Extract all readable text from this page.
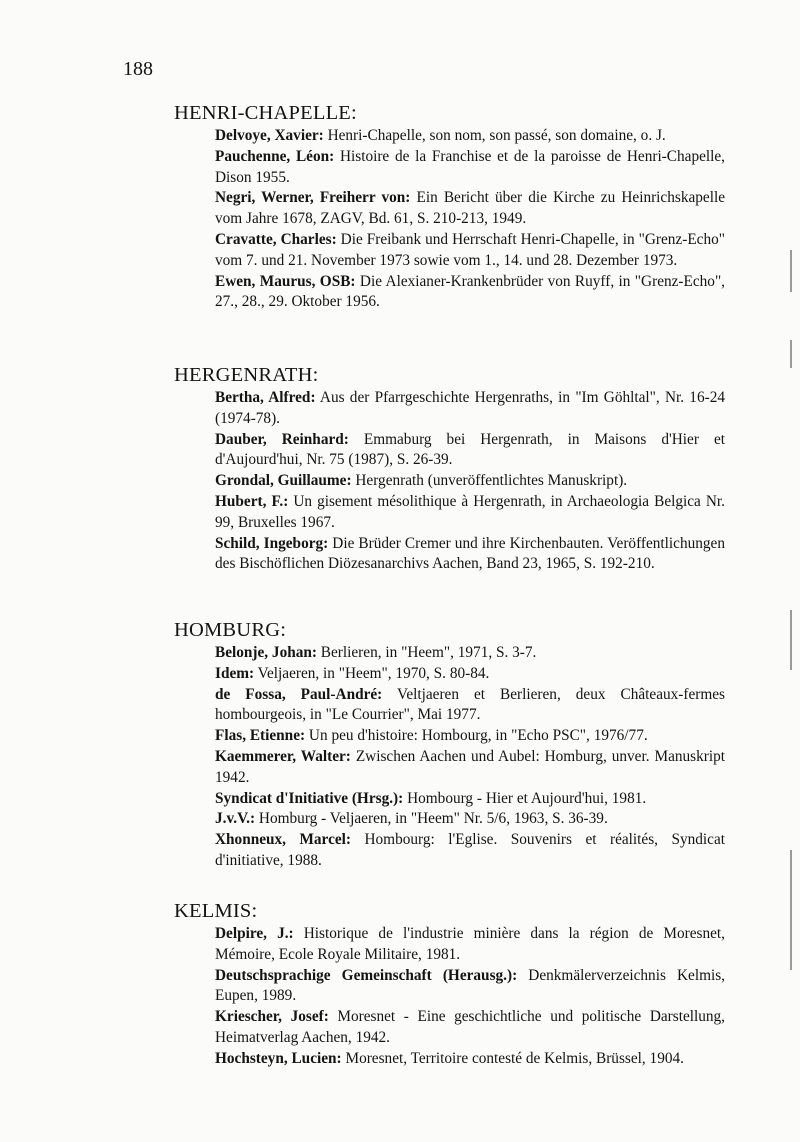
188
HENRI-CHAPELLE:

Delvoye, Xavier: Henri-Chapelle, son nom, son passé, son domaine, o. J.

Pauchenne, Léon: Histoire de la Franchise et de la paroisse de Henri-Chapelle, Dison 1955.

Negri, Werner, Freiherr von: Ein Bericht über die Kirche zu Heinrichskapelle vom Jahre 1678, ZAGV, Bd. 61, S. 210-213, 1949.

Cravatte, Charles: Die Freibank und Herrschaft Henri-Chapelle, in "Grenz-Echo" vom 7. und 21. November 1973 sowie vom 1., 14. und 28. Dezember 1973.

Ewen, Maurus, OSB: Die Alexianer-Krankenbrüder von Ruyff, in "Grenz-Echo", 27., 28., 29. Oktober 1956.

HERGENRATH:

Bertha, Alfred: Aus der Pfarrgeschichte Hergenraths, in "Im Göhltal", Nr. 16-24 (1974-78).

Dauber, Reinhard: Emmaburg bei Hergenrath, in Maisons d'Hier et d'Aujourd'hui, Nr. 75 (1987), S. 26-39.

Grondal, Guillaume: Hergenrath (unveröffentlichtes Manuskript).

Hubert, F.: Un gisement mésolithique à Hergenrath, in Archaeologia Belgica Nr. 99, Bruxelles 1967.

Schild, Ingeborg: Die Brüder Cremer und ihre Kirchenbauten. Veröffentlichungen des Bischöflichen Diözesanarchivs Aachen, Band 23, 1965, S. 192-210.

HOMBURG:

Belonje, Johan: Berlieren, in "Heem", 1971, S. 3-7.

Idem: Veljaeren, in "Heem", 1970, S. 80-84.

de Fossa, Paul-André: Veltjaeren et Berlieren, deux Châteaux-fermes hombourgeois, in "Le Courrier", Mai 1977.

Flas, Etienne: Un peu d'histoire: Hombourg, in "Echo PSC", 1976/77.

Kaemmerer, Walter: Zwischen Aachen und Aubel: Homburg, unver. Manuskript 1942.

Syndicat d'Initiative (Hrsg.): Hombourg - Hier et Aujourd'hui, 1981.

J.v.V.: Homburg - Veljaeren, in "Heem" Nr. 5/6, 1963, S. 36-39.

Xhonneux, Marcel: Hombourg: l'Eglise. Souvenirs et réalités, Syndicat d'initiative, 1988.

KELMIS:

Delpire, J.: Historique de l'industrie minière dans la région de Moresnet, Mémoire, Ecole Royale Militaire, 1981.

Deutschsprachige Gemeinschaft (Herausg.): Denkmälerverzeichnis Kelmis, Eupen, 1989.

Kriescher, Josef: Moresnet - Eine geschichtliche und politische Darstellung, Heimatverlag Aachen, 1942.

Hochsteyn, Lucien: Moresnet, Territoire contesté de Kelmis, Brüssel, 1904.
